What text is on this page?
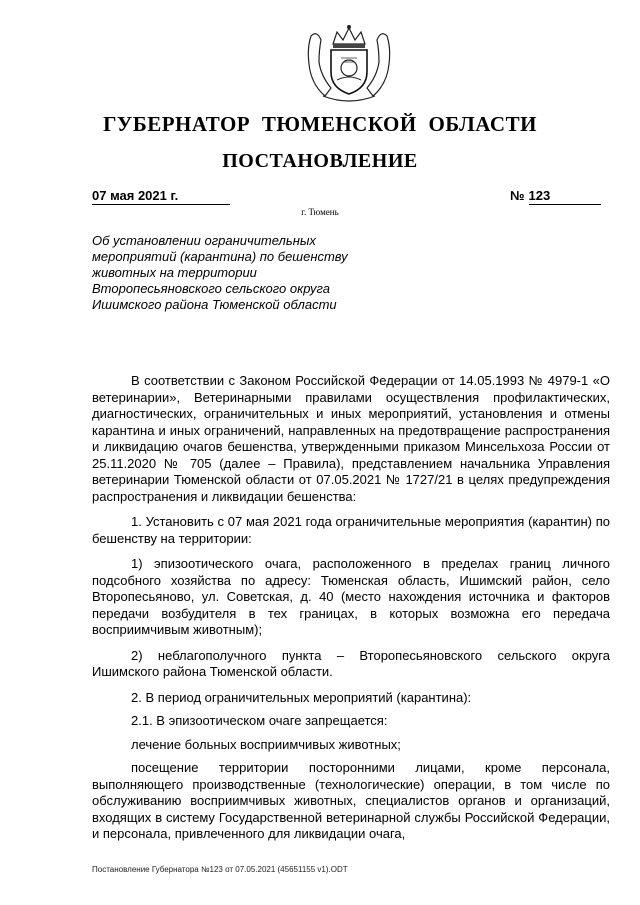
ГУБЕРНАТОР ТЮМЕНСКОЙ ОБЛАСТИ
ПОСТАНОВЛЕНИЕ
07 мая 2021 г.	№ 123
г. Тюмень
Об установлении ограничительных мероприятий (карантина) по бешенству животных на территории Второпесьяновского сельского округа Ишимского района Тюменской области

В соответствии с Законом Российской Федерации от 14.05.1993 № 4979-1 «О ветеринарии», Ветеринарными правилами осуществления профилактических, диагностических, ограничительных и иных мероприятий, установления и отмены карантина и иных ограничений, направленных на предотвращение распространения и ликвидацию очагов бешенства, утвержденными приказом Минсельхоза России от 25.11.2020 № 705 (далее – Правила), представлением начальника Управления ветеринарии Тюменской области от 07.05.2021 № 1727/21 в целях предупреждения распространения и ликвидации бешенства:

1. Установить с 07 мая 2021 года ограничительные мероприятия (карантин) по бешенству на территории:

1) эпизоотического очага, расположенного в пределах границ личного подсобного хозяйства по адресу: Тюменская область, Ишимский район, село Второпесьяново, ул. Советская, д. 40 (место нахождения источника и факторов передачи возбудителя в тех границах, в которых возможна его передача восприимчивым животным);

2) неблагополучного пункта – Второпесьяновского сельского округа Ишимского района Тюменской области.

2. В период ограничительных мероприятий (карантина):

2.1. В эпизоотическом очаге запрещается:

лечение больных восприимчивых животных;

посещение территории посторонними лицами, кроме персонала, выполняющего производственные (технологические) операции, в том числе по обслуживанию восприимчивых животных, специалистов органов и организаций, входящих в систему Государственной ветеринарной службы Российской Федерации, и персонала, привлеченного для ликвидации очага,

Постановление Губернатора №123 от 07.05.2021 (45651155 v1).ODT
